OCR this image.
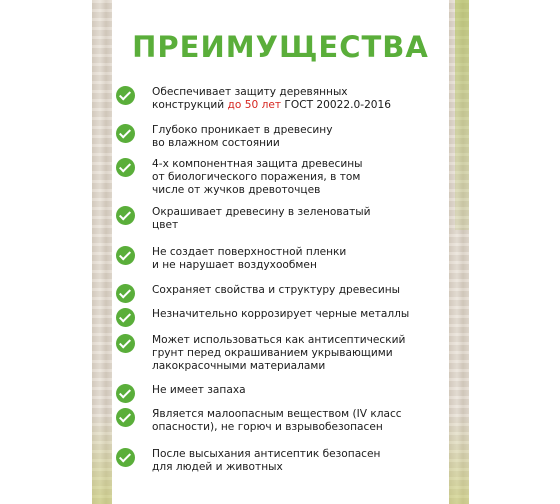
ПРЕИМУЩЕСТВА
Обеспечивает защиту деревянных
конструкций до 50 лет ГОСТ 20022.0-2016
Глубоко проникает в древесину
во влажном состоянии
4-х компонентная защита древесины
от биологического поражения, в том
числе от жучков древоточцев
Окрашивает древесину в зеленоватый
цвет
Не создает поверхностной пленки
и не нарушает воздухообмен
Сохраняет свойства и структуру древесины
Незначительно коррозирует черные металлы
Может использоваться как антисептический
грунт перед окрашиванием укрывающими
лакокрасочными материалами
Не имеет запаха
Является малоопасным веществом (IV класс
опасности), не горюч и взрывобезопасен
После высыхания антисептик безопасен
для людей и животных
